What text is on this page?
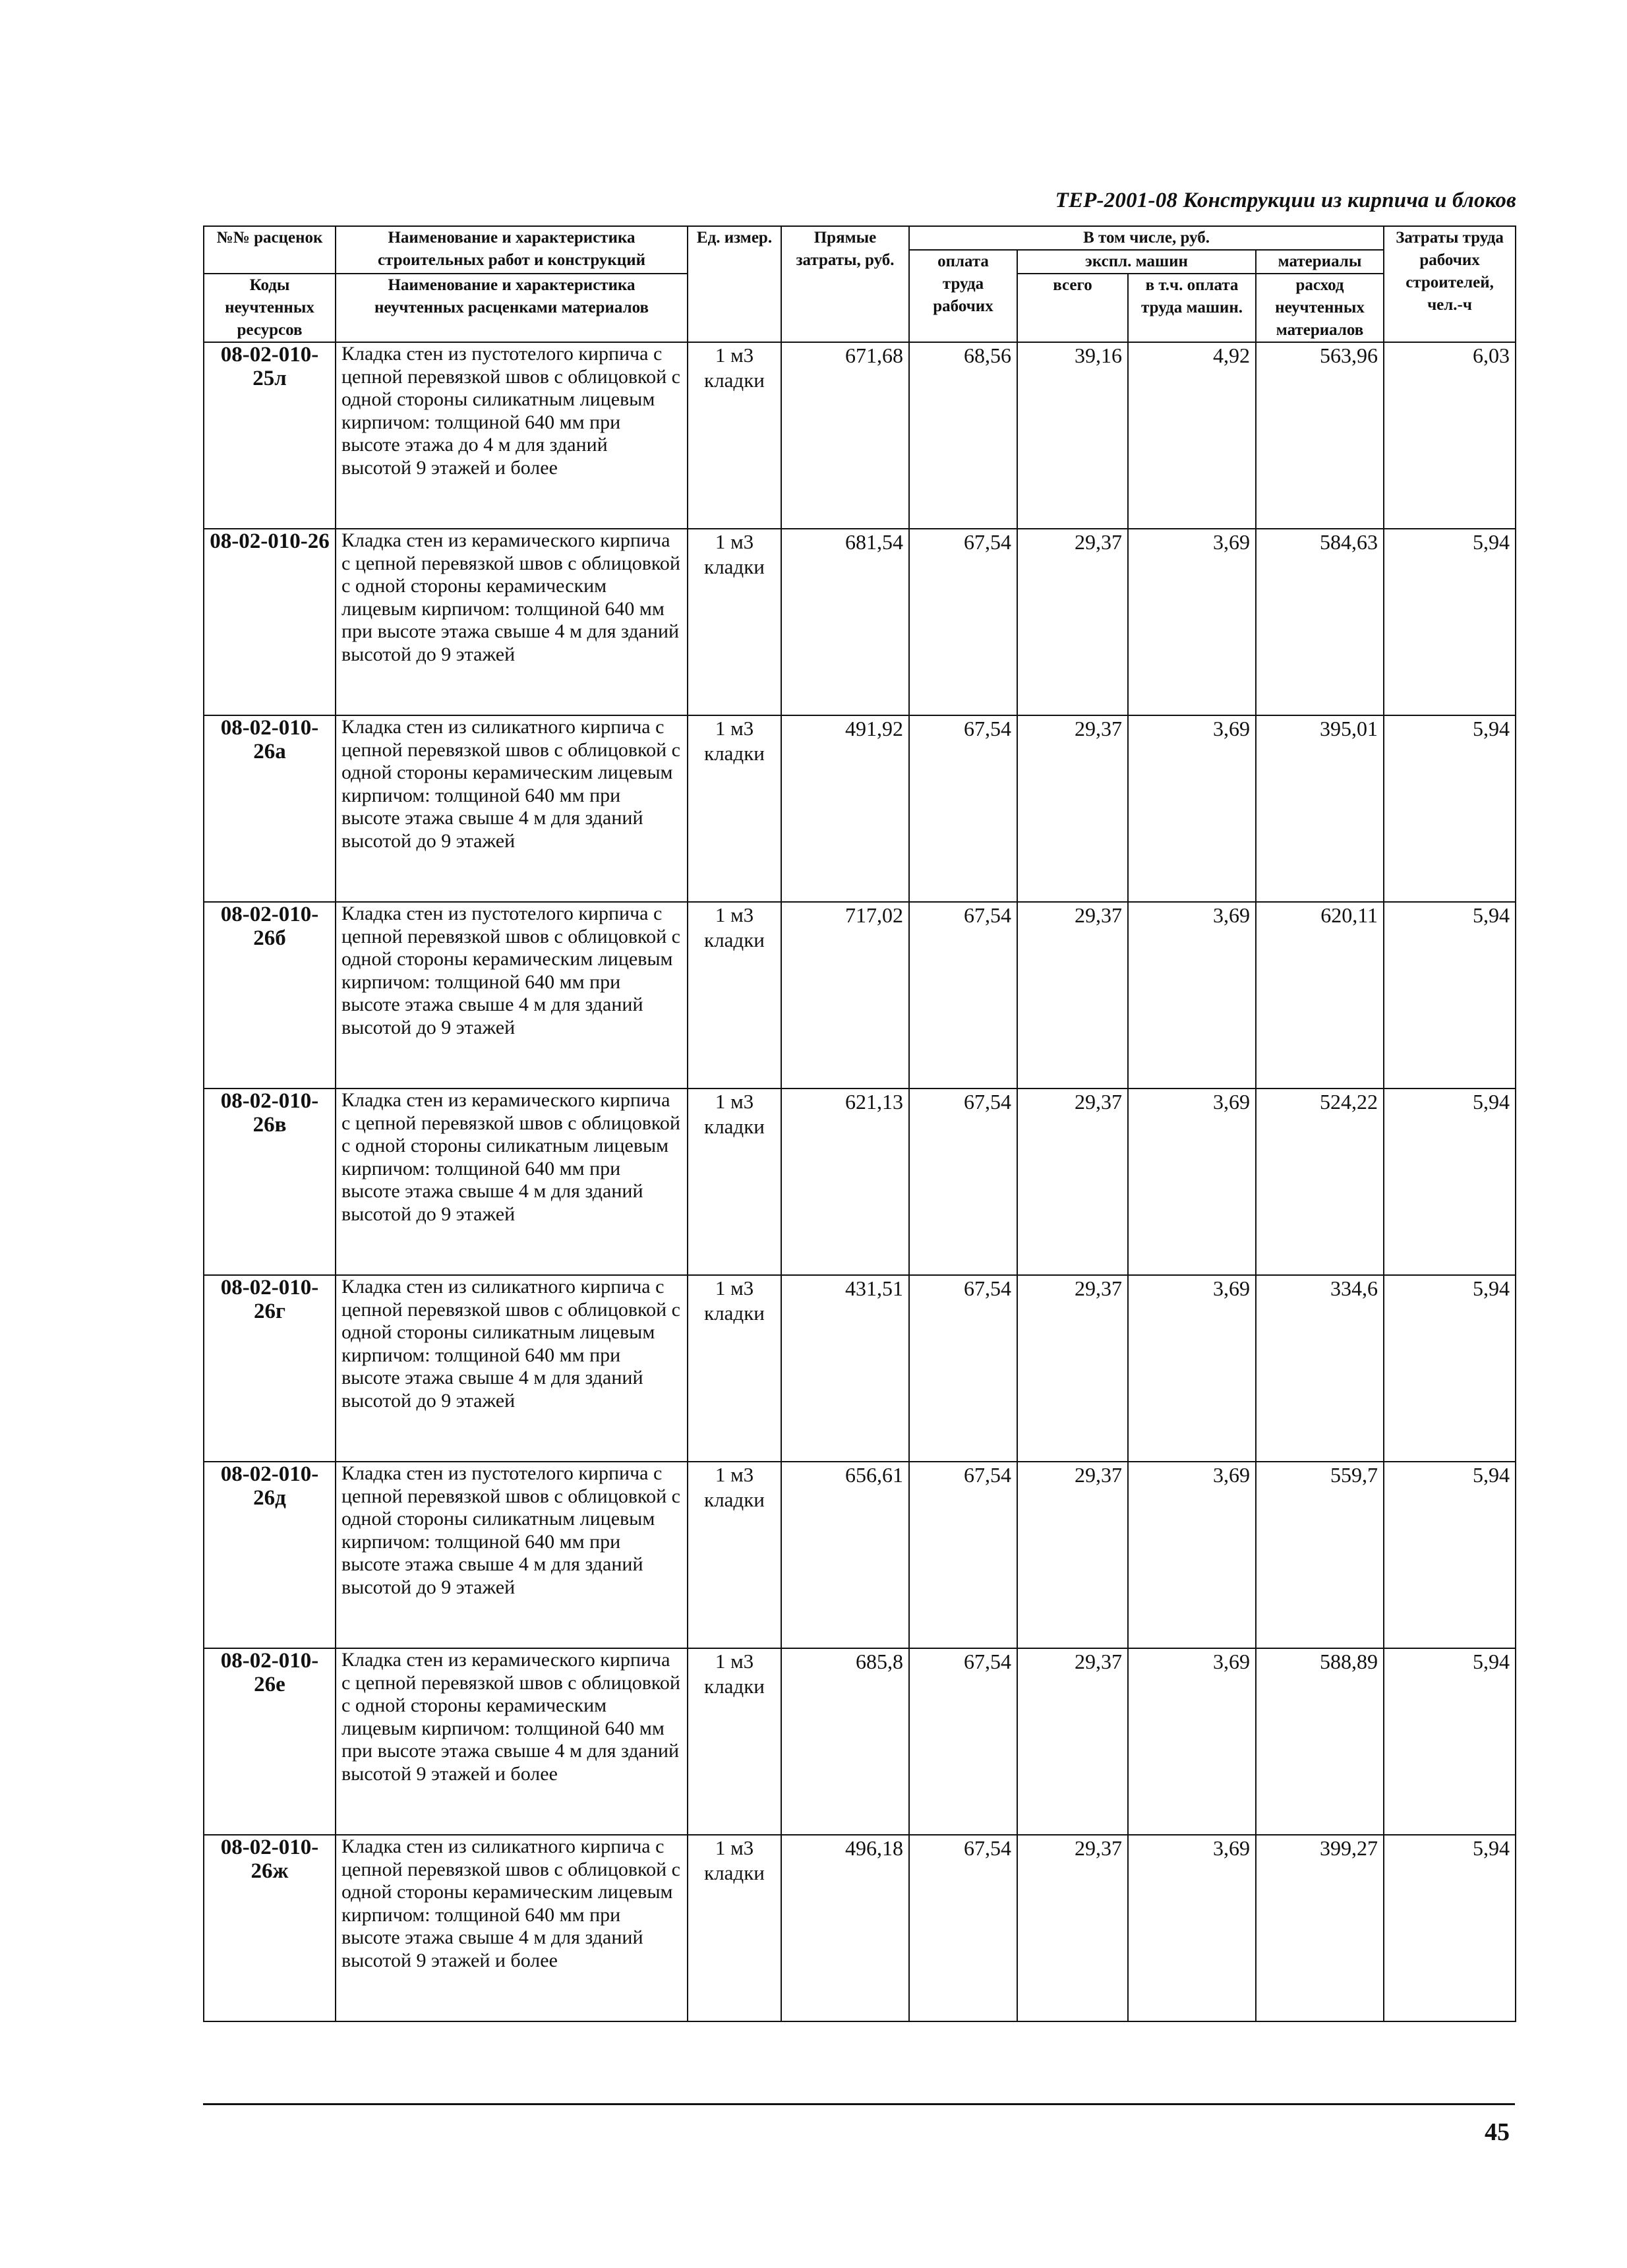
ТЕР-2001-08 Конструкции из кирпича и блоков
№№ расценок	Наименование и характеристика строительных работ и конструкций	Ед. измер.	Прямые затраты, руб.	В том числе, руб.				Затраты труда рабочих строителей, чел.-ч
				оплата труда рабочих	экспл. машин		материалы	
Коды неучтенных ресурсов	Наименование и характеристика неучтенных расценками материалов				всего	в т.ч. оплата труда машин.	расход неучтенных материалов	
08-02-010-25л	Кладка стен из пустотелого кирпича с цепной перевязкой швов с облицовкой с одной стороны силикатным лицевым кирпичом: толщиной 640 мм при высоте этажа до 4 м для зданий высотой 9 этажей и более	1 м3 кладки	671,68	68,56	39,16	4,92	563,96	6,03
08-02-010-26	Кладка стен из керамического кирпича с цепной перевязкой швов с облицовкой с одной стороны керамическим лицевым кирпичом: толщиной 640 мм при высоте этажа свыше 4 м для зданий высотой до 9 этажей	1 м3 кладки	681,54	67,54	29,37	3,69	584,63	5,94
08-02-010-26а	Кладка стен из силикатного кирпича с цепной перевязкой швов с облицовкой с одной стороны керамическим лицевым кирпичом: толщиной 640 мм при высоте этажа свыше 4 м для зданий высотой до 9 этажей	1 м3 кладки	491,92	67,54	29,37	3,69	395,01	5,94
08-02-010-26б	Кладка стен из пустотелого кирпича с цепной перевязкой швов с облицовкой с одной стороны керамическим лицевым кирпичом: толщиной 640 мм при высоте этажа свыше 4 м для зданий высотой до 9 этажей	1 м3 кладки	717,02	67,54	29,37	3,69	620,11	5,94
08-02-010-26в	Кладка стен из керамического кирпича с цепной перевязкой швов с облицовкой с одной стороны силикатным лицевым кирпичом: толщиной 640 мм при высоте этажа свыше 4 м для зданий высотой до 9 этажей	1 м3 кладки	621,13	67,54	29,37	3,69	524,22	5,94
08-02-010-26г	Кладка стен из силикатного кирпича с цепной перевязкой швов с облицовкой с одной стороны силикатным лицевым кирпичом: толщиной 640 мм при высоте этажа свыше 4 м для зданий высотой до 9 этажей	1 м3 кладки	431,51	67,54	29,37	3,69	334,6	5,94
08-02-010-26д	Кладка стен из пустотелого кирпича с цепной перевязкой швов с облицовкой с одной стороны силикатным лицевым кирпичом: толщиной 640 мм при высоте этажа свыше 4 м для зданий высотой до 9 этажей	1 м3 кладки	656,61	67,54	29,37	3,69	559,7	5,94
08-02-010-26е	Кладка стен из керамического кирпича с цепной перевязкой швов с облицовкой с одной стороны керамическим лицевым кирпичом: толщиной 640 мм при высоте этажа свыше 4 м для зданий высотой 9 этажей и более	1 м3 кладки	685,8	67,54	29,37	3,69	588,89	5,94
08-02-010-26ж	Кладка стен из силикатного кирпича с цепной перевязкой швов с облицовкой с одной стороны керамическим лицевым кирпичом: толщиной 640 мм при высоте этажа свыше 4 м для зданий высотой 9 этажей и более	1 м3 кладки	496,18	67,54	29,37	3,69	399,27	5,94
45
